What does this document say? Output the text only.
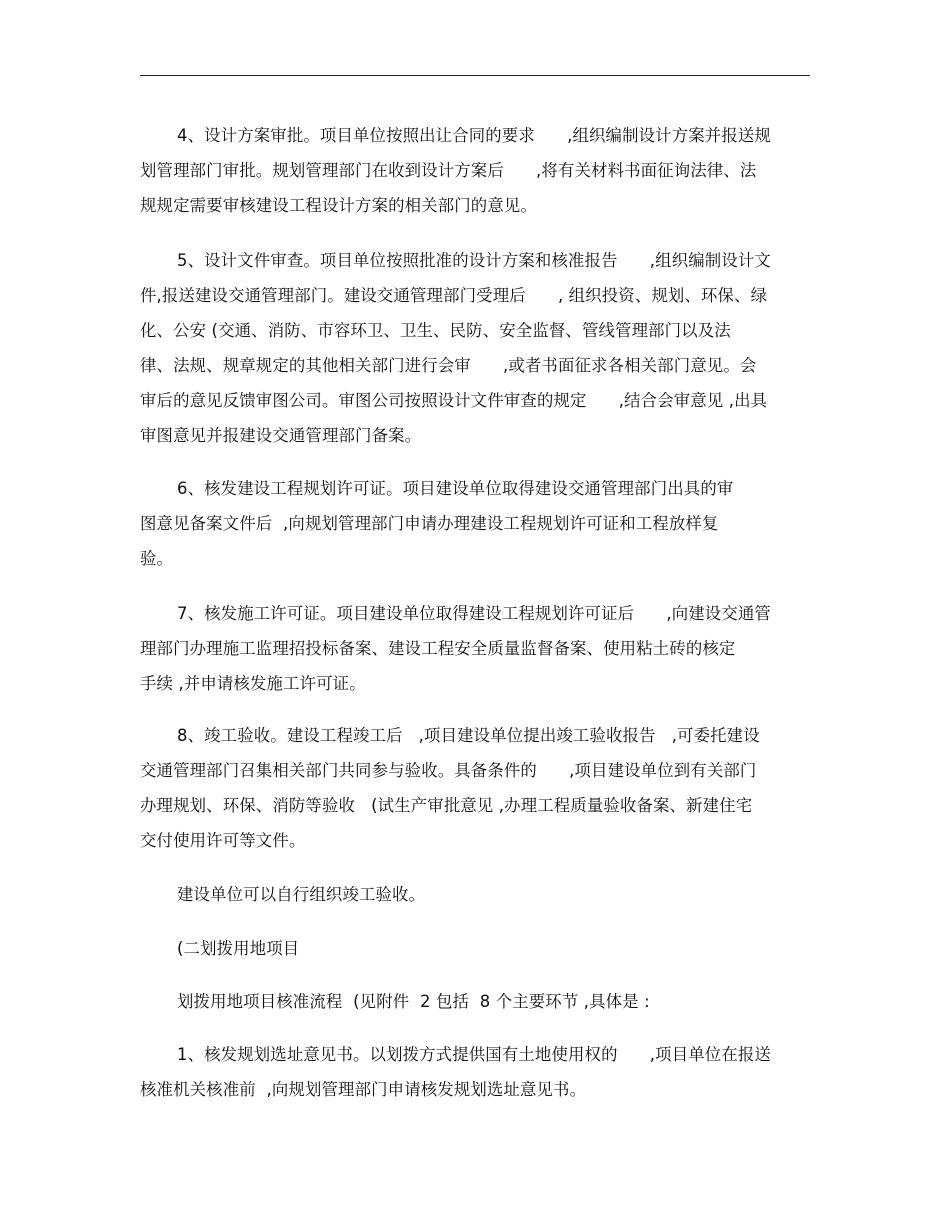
4、设计方案审批。项目单位按照出让合同的要求      ,组织编制设计方案并报送规
划管理部门审批。规划管理部门在收到设计方案后      ,将有关材料书面征询法律、法
规规定需要审核建设工程设计方案的相关部门的意见。
5、设计文件审查。项目单位按照批准的设计方案和核准报告      ,组织编制设计文
件,报送建设交通管理部门。建设交通管理部门受理后      , 组织投资、规划、环保、绿
化、公安 (交通、消防、市容环卫、卫生、民防、安全监督、管线管理部门以及法
律、法规、规章规定的其他相关部门进行会审      ,或者书面征求各相关部门意见。会
审后的意见反馈审图公司。审图公司按照设计文件审查的规定      ,结合会审意见 ,出具
审图意见并报建设交通管理部门备案。
6、核发建设工程规划许可证。项目建设单位取得建设交通管理部门出具的审
图意见备案文件后  ,向规划管理部门申请办理建设工程规划许可证和工程放样复
验。
7、核发施工许可证。项目建设单位取得建设工程规划许可证后      ,向建设交通管
理部门办理施工监理招投标备案、建设工程安全质量监督备案、使用粘土砖的核定
手续 ,并申请核发施工许可证。
8、竣工验收。建设工程竣工后   ,项目建设单位提出竣工验收报告   ,可委托建设
交通管理部门召集相关部门共同参与验收。具备条件的      ,项目建设单位到有关部门
办理规划、环保、消防等验收   (试生产审批意见 ,办理工程质量验收备案、新建住宅
交付使用许可等文件。
建设单位可以自行组织竣工验收。
(二划拨用地项目
划拨用地项目核准流程  (见附件  2 包括  8 个主要环节 ,具体是 :
1、核发规划选址意见书。以划拨方式提供国有土地使用权的      ,项目单位在报送
核准机关核准前  ,向规划管理部门申请核发规划选址意见书。
